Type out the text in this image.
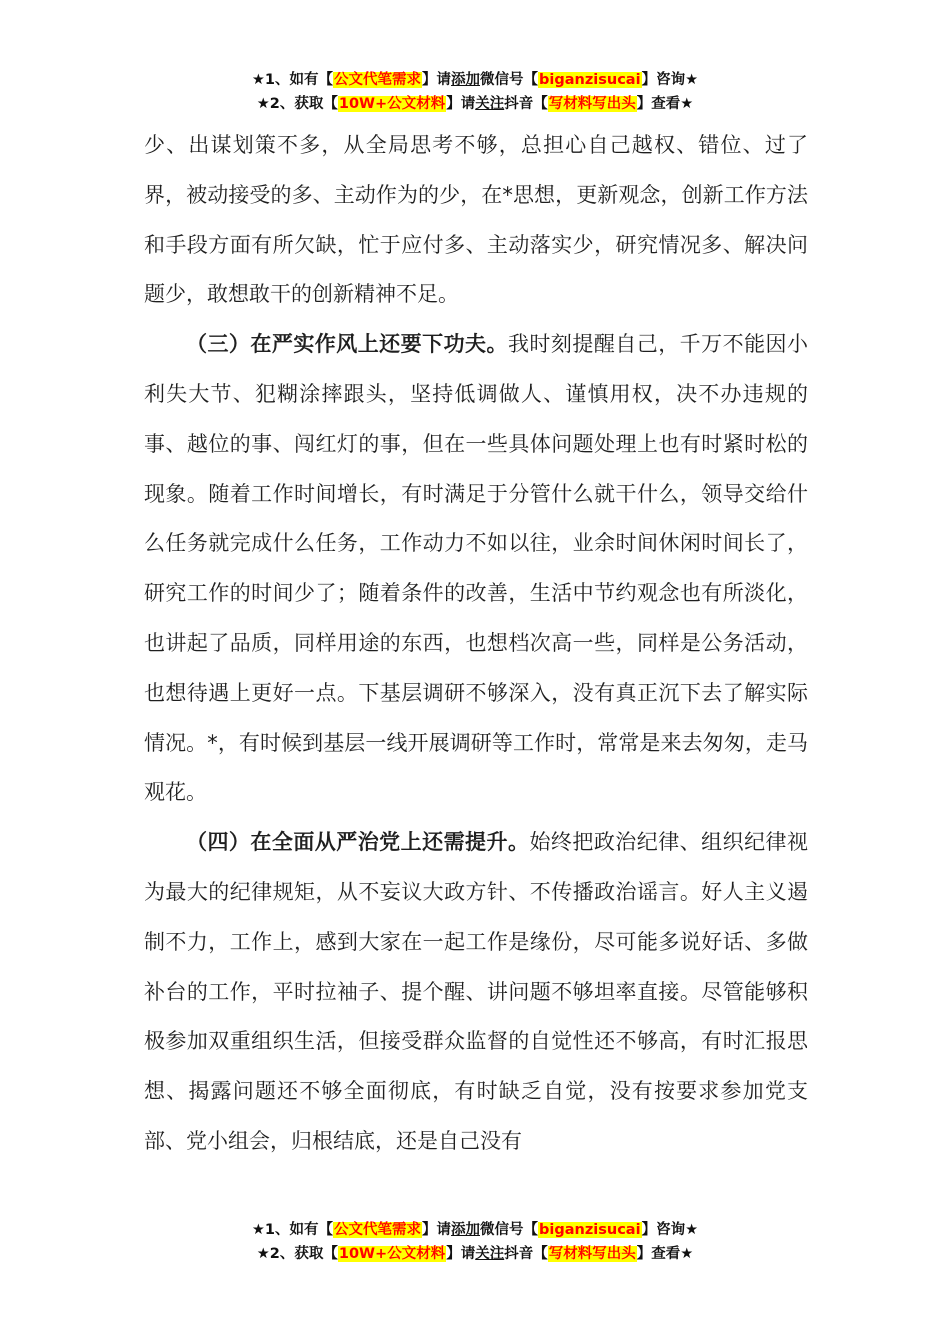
★1、如有【公文代笔需求】请添加微信号【biganzisucai】咨询★
★2、获取【10W+公文材料】请关注抖音【写材料写出头】查看★

少、出谋划策不多，从全局思考不够，总担心自己越权、错位、过了界，被动接受的多、主动作为的少，在*思想，更新观念，创新工作方法和手段方面有所欠缺，忙于应付多、主动落实少，研究情况多、解决问题少，敢想敢干的创新精神不足。

（三）在严实作风上还要下功夫。我时刻提醒自己，千万不能因小利失大节、犯糊涂摔跟头，坚持低调做人、谨慎用权，决不办违规的事、越位的事、闯红灯的事，但在一些具体问题处理上也有时紧时松的现象。随着工作时间增长，有时满足于分管什么就干什么，领导交给什么任务就完成什么任务，工作动力不如以往，业余时间休闲时间长了，研究工作的时间少了；随着条件的改善，生活中节约观念也有所淡化，也讲起了品质，同样用途的东西，也想档次高一些，同样是公务活动，也想待遇上更好一点。下基层调研不够深入，没有真正沉下去了解实际情况。*，有时候到基层一线开展调研等工作时，常常是来去匆匆，走马观花。

（四）在全面从严治党上还需提升。始终把政治纪律、组织纪律视为最大的纪律规矩，从不妄议大政方针、不传播政治谣言。好人主义遏制不力，工作上，感到大家在一起工作是缘份，尽可能多说好话、多做补台的工作，平时拉袖子、提个醒、讲问题不够坦率直接。尽管能够积极参加双重组织生活，但接受群众监督的自觉性还不够高，有时汇报思想、揭露问题还不够全面彻底，有时缺乏自觉，没有按要求参加党支部、党小组会，归根结底，还是自己没有

★1、如有【公文代笔需求】请添加微信号【biganzisucai】咨询★
★2、获取【10W+公文材料】请关注抖音【写材料写出头】查看★
